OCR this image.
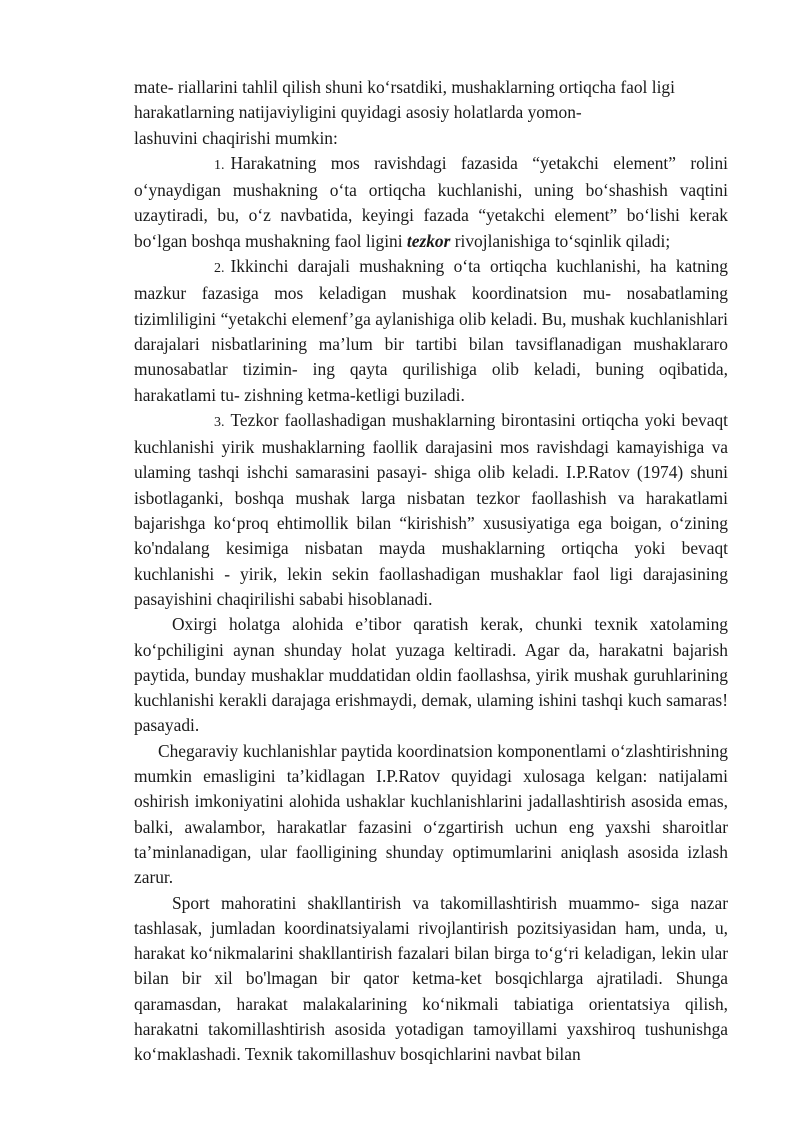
mate- riallarini tahlil qilish shuni koʻrsatdiki, mushaklarning ortiqcha faol ligi
harakatlarning natijaviyligini quyidagi asosiy holatlarda yomon-
lashuvini chaqirishi mumkin:

1. Harakatning mos ravishdagi fazasida “yetakchi element” rolini oʻynaydigan mushakning oʻta ortiqcha kuchlanishi, uning boʻshashish vaqtini uzaytiradi, bu, oʻz navbatida, keyingi fazada “yetakchi element” boʻlishi kerak boʻlgan boshqa mushakning faol ligini tezkor rivojlanishiga toʻsqinlik qiladi;

2. Ikkinchi darajali mushakning oʻta ortiqcha kuchlanishi, ha katning mazkur fazasiga mos keladigan mushak koordinatsion mu- nosabatlaming tizimliligini “yetakchi elemenf’ga aylanishiga olib keladi. Bu, mushak kuchlanishlari darajalari nisbatlarining ma’lum bir tartibi bilan tavsiflanadigan mushaklararo munosabatlar tizimin- ing qayta qurilishiga olib keladi, buning oqibatida, harakatlami tu- zishning ketma-ketligi buziladi.

3. Tezkor faollashadigan mushaklarning birontasini ortiqcha yoki bevaqt kuchlanishi yirik mushaklarning faollik darajasini mos ravishdagi kamayishiga va ulaming tashqi ishchi samarasini pasayi- shiga olib keladi. I.P.Ratov (1974) shuni isbotlaganki, boshqa mushak larga nisbatan tezkor faollashish va harakatlami bajarishga koʻproq ehtimollik bilan “kirishish” xususiyatiga ega boigan, oʻzining ko'ndalang kesimiga nisbatan mayda mushaklarning ortiqcha yoki bevaqt kuchlanishi - yirik, lekin sekin faollashadigan mushaklar faol ligi darajasining pasayishini chaqirilishi sababi hisoblanadi.

Oxirgi holatga alohida e’tibor qaratish kerak, chunki texnik xatolaming koʻpchiligini aynan shunday holat yuzaga keltiradi. Agar da, harakatni bajarish paytida, bunday mushaklar muddatidan oldin faollashsa, yirik mushak guruhlarining kuchlanishi kerakli darajaga erishmaydi, demak, ulaming ishini tashqi kuch samaras! pasayadi.

Chegaraviy kuchlanishlar paytida koordinatsion komponentlami oʻzlashtirishning mumkin emasligini ta’kidlagan I.P.Ratov quyidagi xulosaga kelgan: natijalami oshirish imkoniyatini alohida ushaklar kuchlanishlarini jadallashtirish asosida emas, balki, awalambor, harakatlar fazasini oʻzgartirish uchun eng yaxshi sharoitlar ta’minlanadigan, ular faolligining shunday optimumlarini aniqlash asosida izlash zarur.

Sport mahoratini shakllantirish va takomillashtirish muammo- siga nazar tashlasak, jumladan koordinatsiyalami rivojlantirish pozitsiyasidan ham, unda, u, harakat koʻnikmalarini shakllantirish fazalari bilan birga toʻgʻri keladigan, lekin ular bilan bir xil bo'lmagan bir qator ketma-ket bosqichlarga ajratiladi. Shunga qaramasdan, harakat malakalarining koʻnikmali tabiatiga orientatsiya qilish, harakatni takomillashtirish asosida yotadigan tamoyillami yaxshiroq tushunishga koʻmaklashadi. Texnik takomillashuv bosqichlarini navbat bilan
